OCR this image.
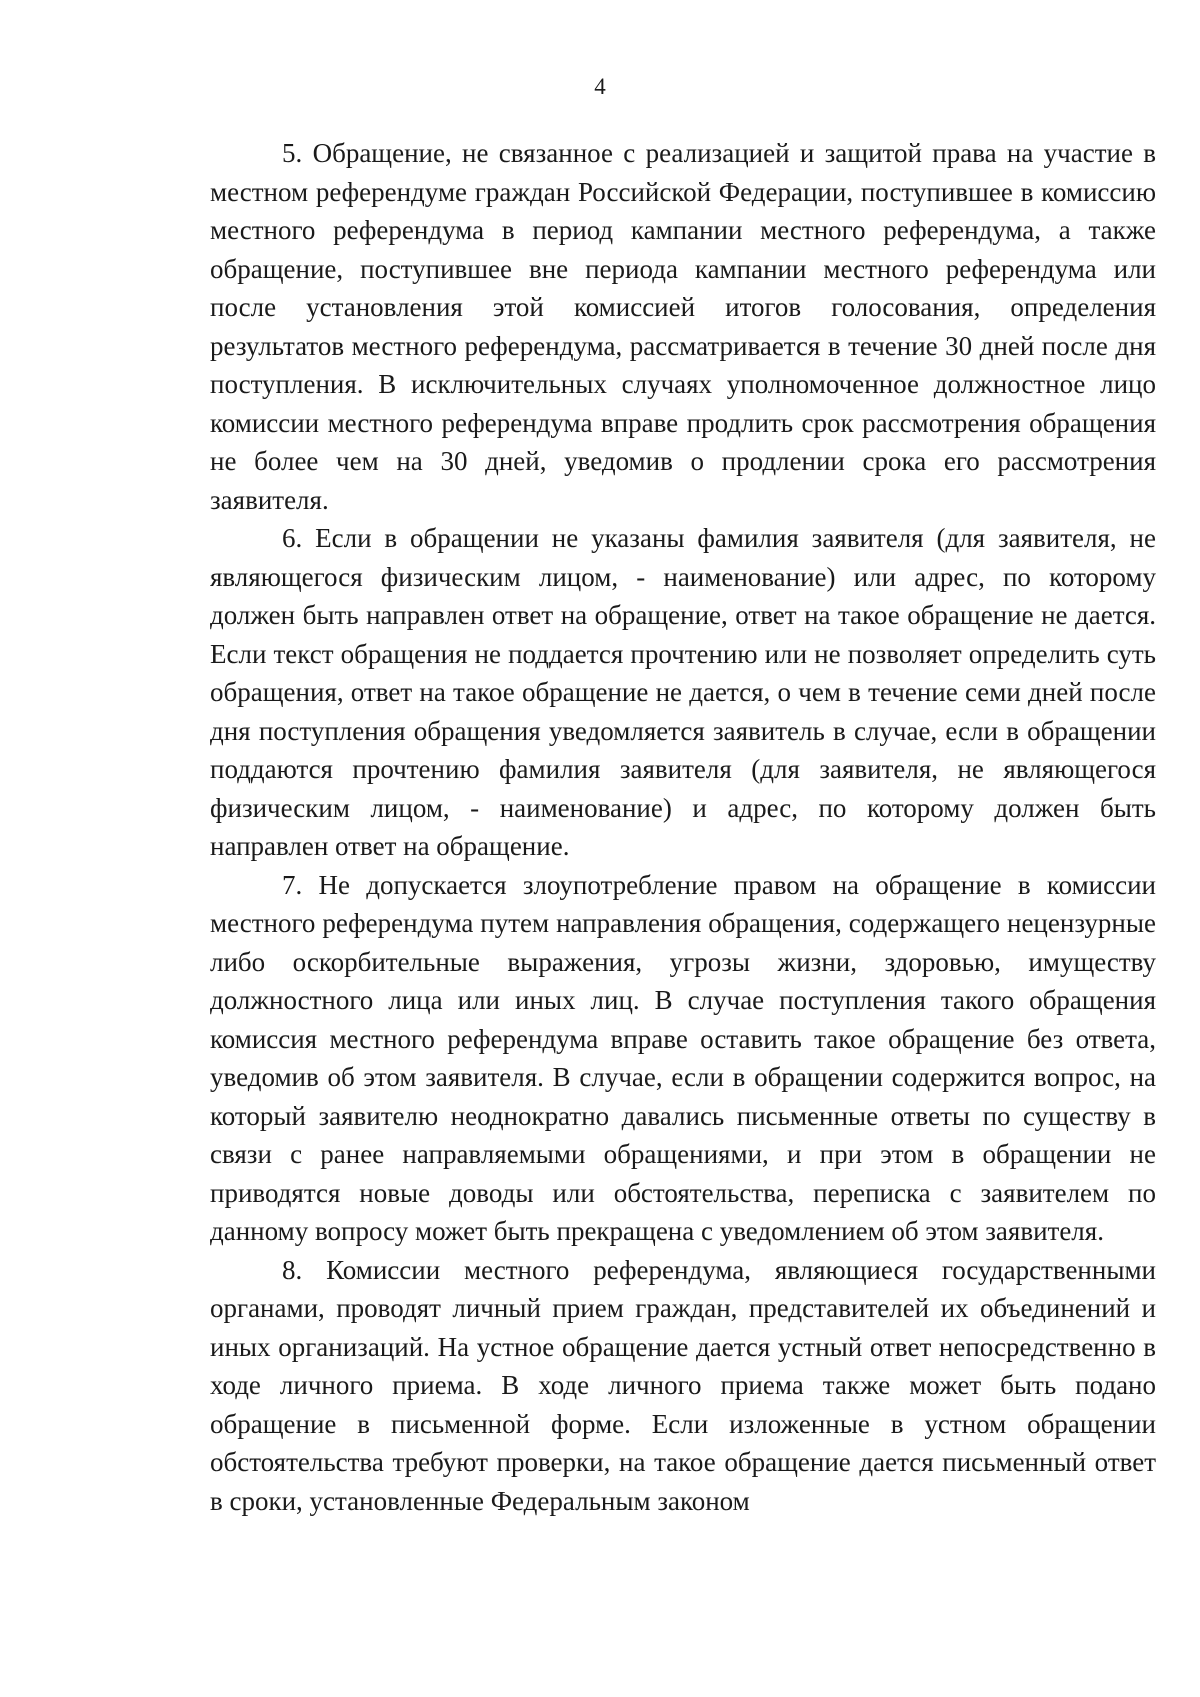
4

5. Обращение, не связанное с реализацией и защитой права на участие в местном референдуме граждан Российской Федерации, поступившее в комиссию местного референдума в период кампании местного референдума, а также обращение, поступившее вне периода кампании местного референдума или после установления этой комиссией итогов голосования, определения результатов местного референдума, рассматривается в течение 30 дней после дня поступления. В исключительных случаях уполномоченное должностное лицо комиссии местного референдума вправе продлить срок рассмотрения обращения не более чем на 30 дней, уведомив о продлении срока его рассмотрения заявителя.

6. Если в обращении не указаны фамилия заявителя (для заявителя, не являющегося физическим лицом, - наименование) или адрес, по которому должен быть направлен ответ на обращение, ответ на такое обращение не дается. Если текст обращения не поддается прочтению или не позволяет определить суть обращения, ответ на такое обращение не дается, о чем в течение семи дней после дня поступления обращения уведомляется заявитель в случае, если в обращении поддаются прочтению фамилия заявителя (для заявителя, не являющегося физическим лицом, - наименование) и адрес, по которому должен быть направлен ответ на обращение.

7. Не допускается злоупотребление правом на обращение в комиссии местного референдума путем направления обращения, содержащего нецензурные либо оскорбительные выражения, угрозы жизни, здоровью, имуществу должностного лица или иных лиц. В случае поступления такого обращения комиссия местного референдума вправе оставить такое обращение без ответа, уведомив об этом заявителя. В случае, если в обращении содержится вопрос, на который заявителю неоднократно давались письменные ответы по существу в связи с ранее направляемыми обращениями, и при этом в обращении не приводятся новые доводы или обстоятельства, переписка с заявителем по данному вопросу может быть прекращена с уведомлением об этом заявителя.

8. Комиссии местного референдума, являющиеся государственными органами, проводят личный прием граждан, представителей их объединений и иных организаций. На устное обращение дается устный ответ непосредственно в ходе личного приема. В ходе личного приема также может быть подано обращение в письменной форме. Если изложенные в устном обращении обстоятельства требуют проверки, на такое обращение дается письменный ответ в сроки, установленные Федеральным законом
